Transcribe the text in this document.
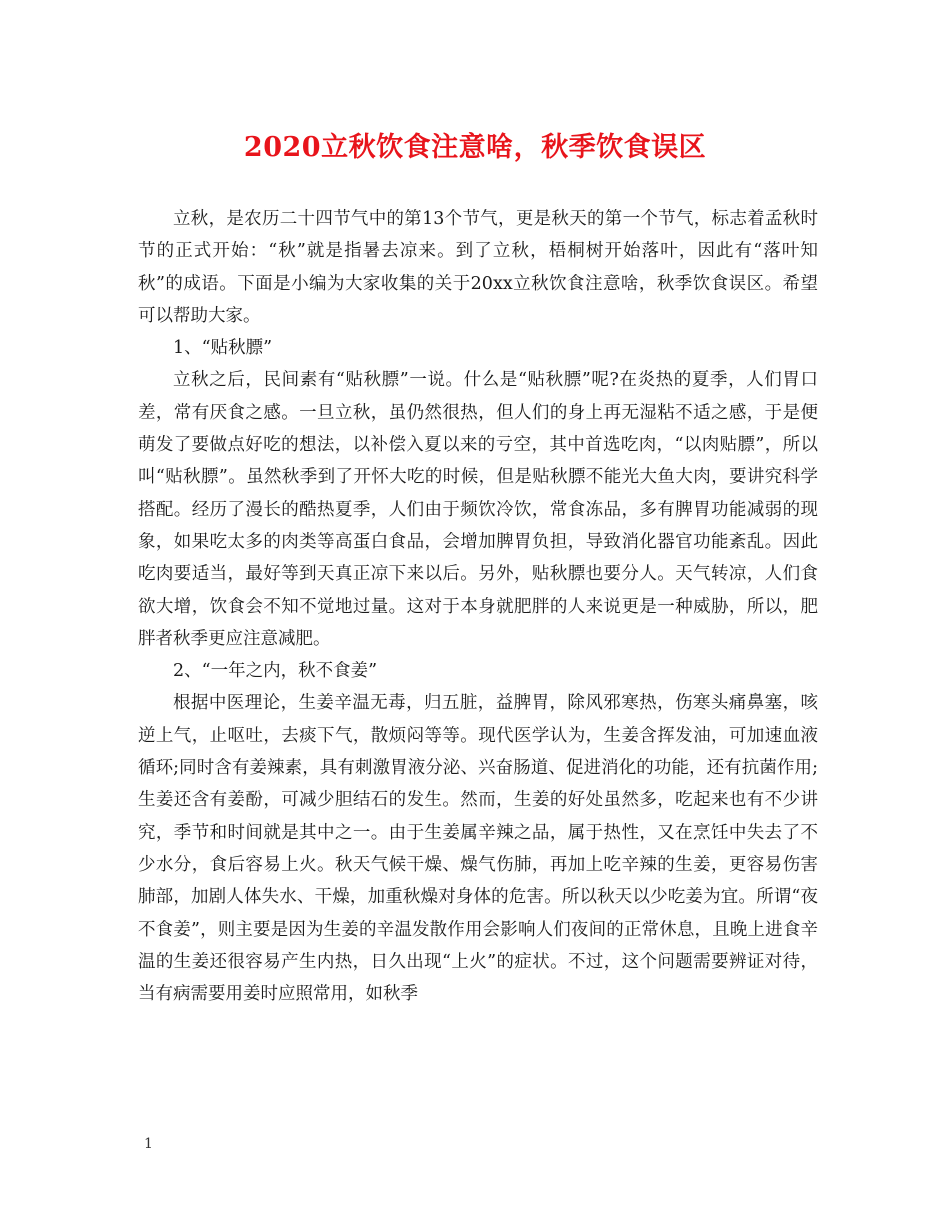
2020立秋饮食注意啥，秋季饮食误区

立秋，是农历二十四节气中的第13个节气，更是秋天的第一个节气，标志着孟秋时节的正式开始：“秋”就是指暑去凉来。到了立秋，梧桐树开始落叶，因此有“落叶知秋”的成语。下面是小编为大家收集的关于20xx立秋饮食注意啥，秋季饮食误区。希望可以帮助大家。

1、“贴秋膘”

立秋之后，民间素有“贴秋膘”一说。什么是“贴秋膘”呢?在炎热的夏季，人们胃口差，常有厌食之感。一旦立秋，虽仍然很热，但人们的身上再无湿粘不适之感，于是便萌发了要做点好吃的想法，以补偿入夏以来的亏空，其中首选吃肉，“以肉贴膘”，所以叫“贴秋膘”。虽然秋季到了开怀大吃的时候，但是贴秋膘不能光大鱼大肉，要讲究科学搭配。经历了漫长的酷热夏季，人们由于频饮冷饮，常食冻品，多有脾胃功能减弱的现象，如果吃太多的肉类等高蛋白食品，会增加脾胃负担，导致消化器官功能紊乱。因此吃肉要适当，最好等到天真正凉下来以后。另外，贴秋膘也要分人。天气转凉，人们食欲大增，饮食会不知不觉地过量。这对于本身就肥胖的人来说更是一种威胁，所以，肥胖者秋季更应注意减肥。

2、“一年之内，秋不食姜”

根据中医理论，生姜辛温无毒，归五脏，益脾胃，除风邪寒热，伤寒头痛鼻塞，咳逆上气，止呕吐，去痰下气，散烦闷等等。现代医学认为，生姜含挥发油，可加速血液循环;同时含有姜辣素，具有刺激胃液分泌、兴奋肠道、促进消化的功能，还有抗菌作用;生姜还含有姜酚，可减少胆结石的发生。然而，生姜的好处虽然多，吃起来也有不少讲究，季节和时间就是其中之一。由于生姜属辛辣之品，属于热性，又在烹饪中失去了不少水分，食后容易上火。秋天气候干燥、燥气伤肺，再加上吃辛辣的生姜，更容易伤害肺部，加剧人体失水、干燥，加重秋燥对身体的危害。所以秋天以少吃姜为宜。所谓“夜不食姜”，则主要是因为生姜的辛温发散作用会影响人们夜间的正常休息，且晚上进食辛温的生姜还很容易产生内热，日久出现“上火”的症状。不过，这个问题需要辨证对待，当有病需要用姜时应照常用，如秋季

1
